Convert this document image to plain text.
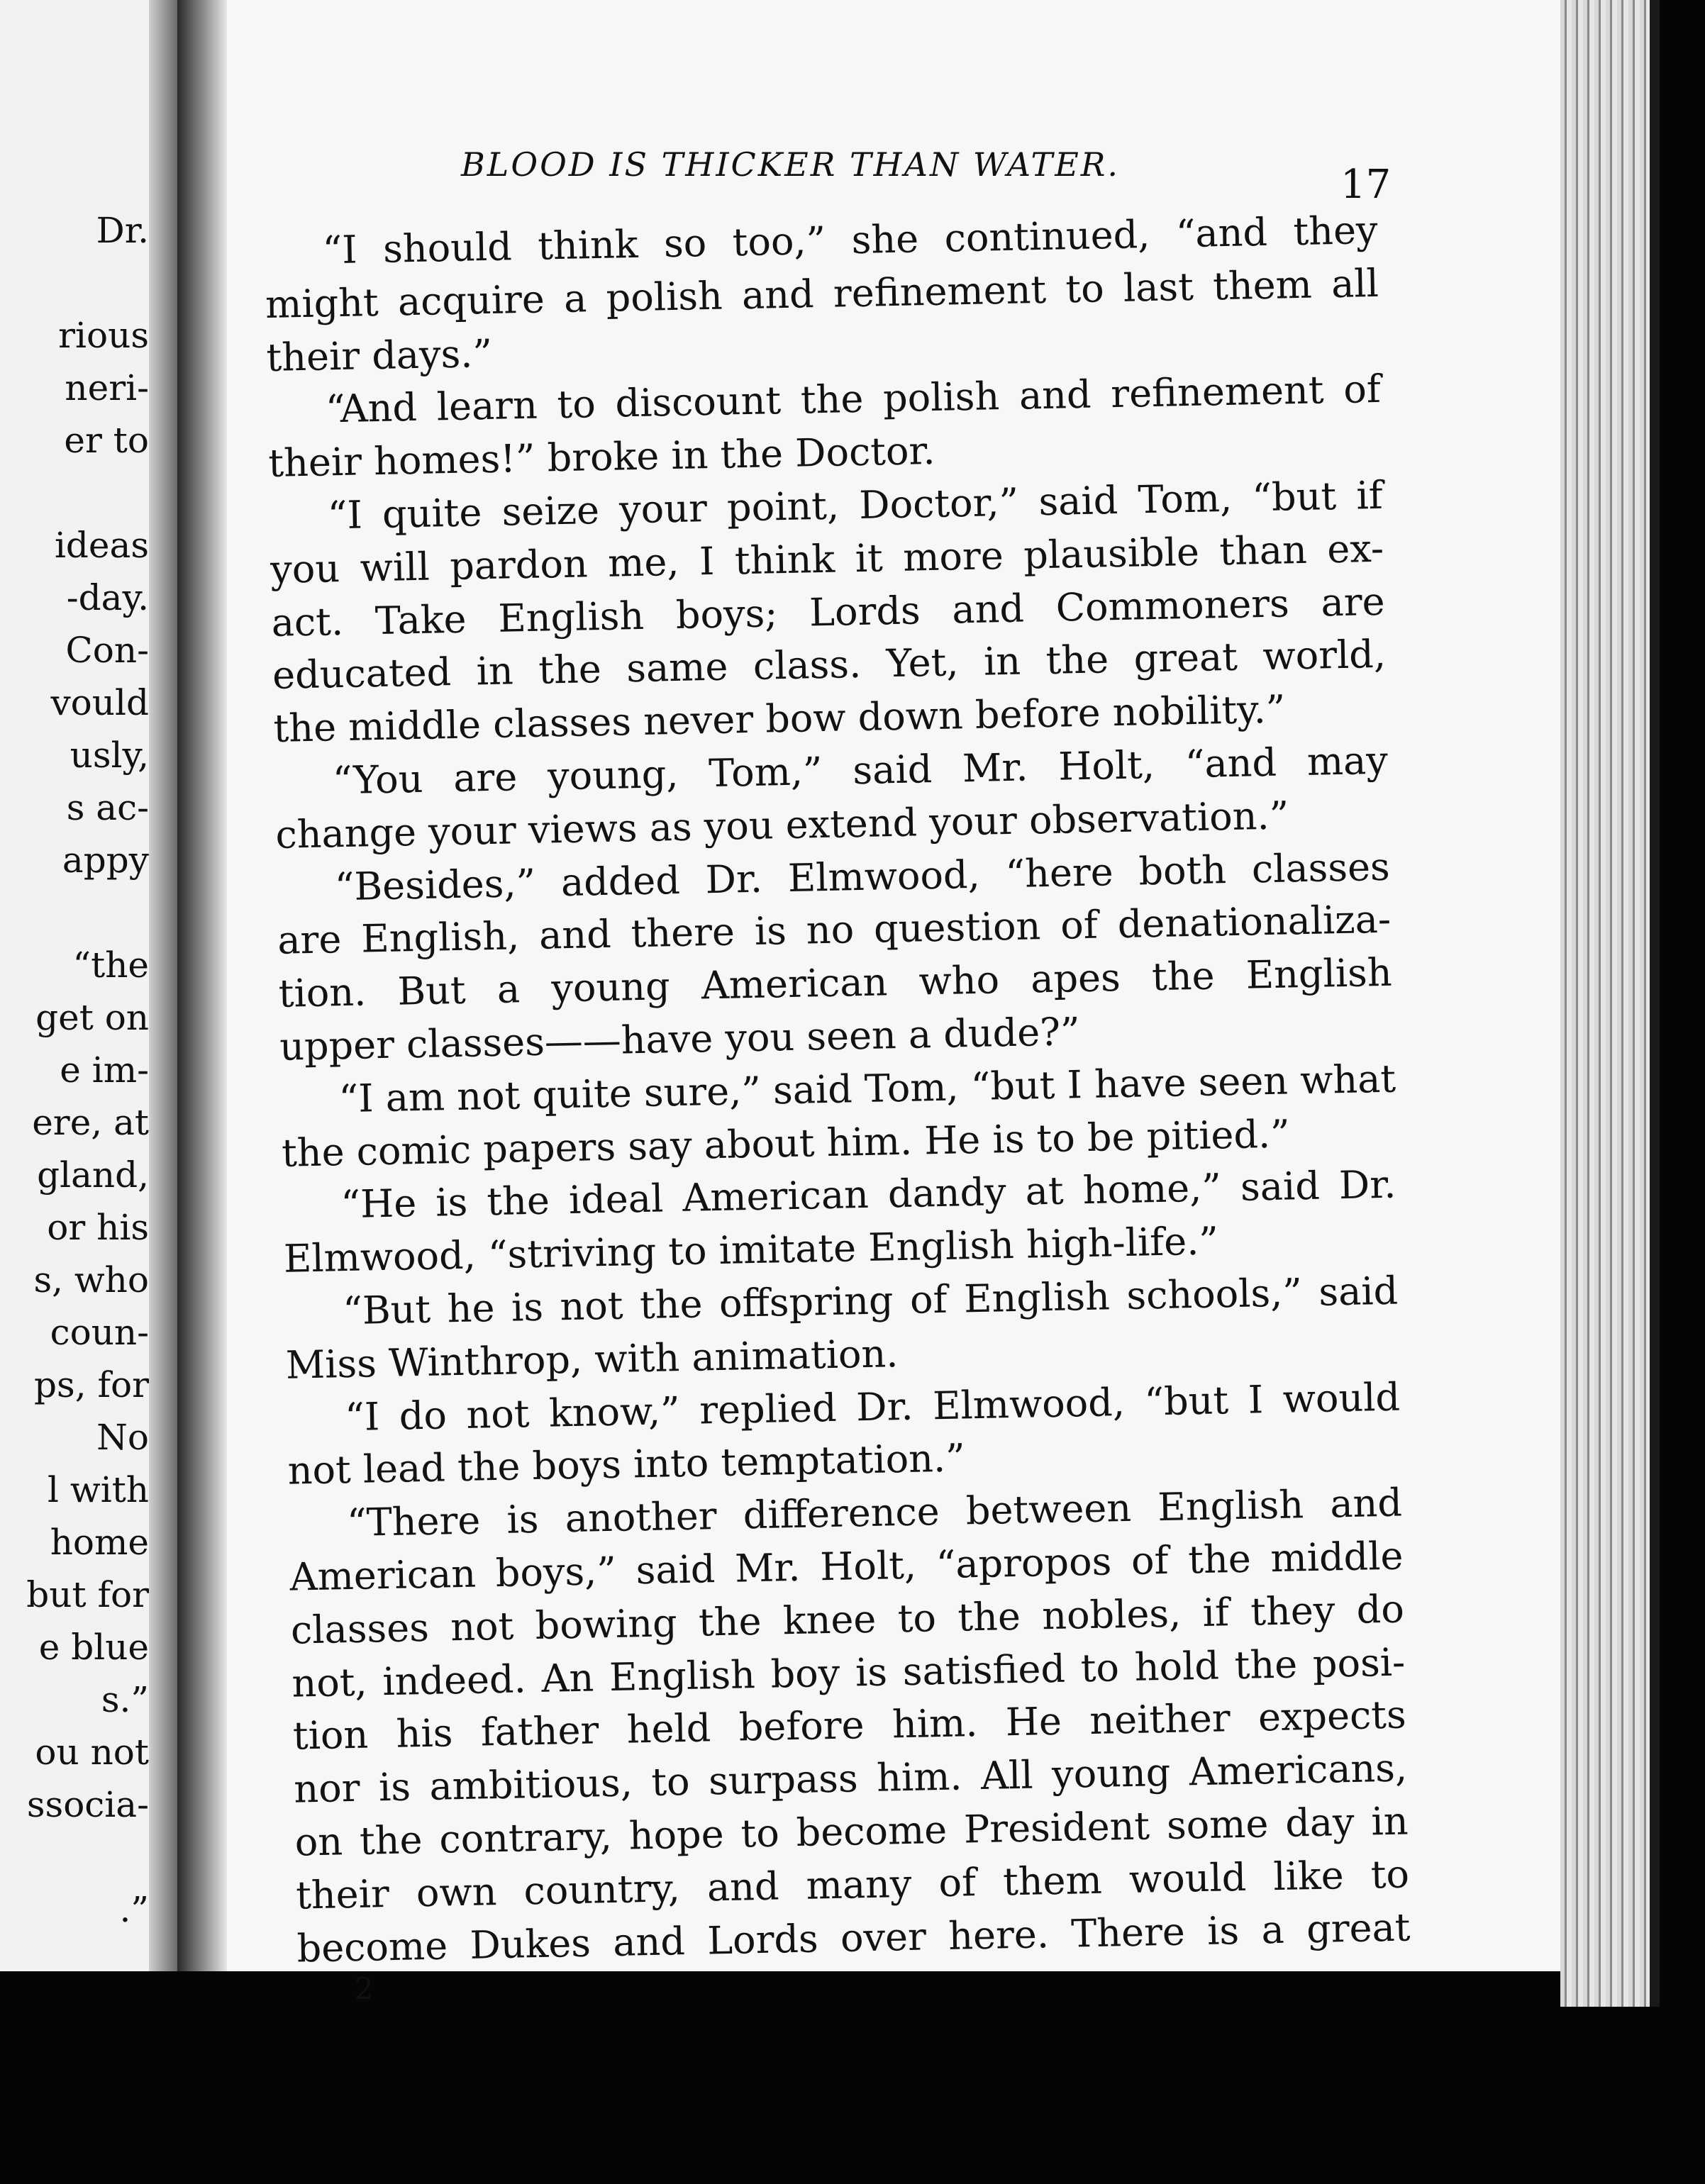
Dr.
rious
neri-
er to
ideas
-day.
Con-
vould
usly,
s ac-
appy
“the
get on
e im-
ere, at
gland,
or his
s, who
coun-
ps, for
No
l with
home
but for
e blue
s.”
ou not
ssocia-
.”
BLOOD IS THICKER THAN WATER.	17
“I should think so too,” she continued, “and they
might acquire a polish and refinement to last them all
their days.”
“And learn to discount the polish and refinement of
their homes!” broke in the Doctor.
“I quite seize your point, Doctor,” said Tom, “but if
you will pardon me, I think it more plausible than ex-
act. Take English boys; Lords and Commoners are
educated in the same class. Yet, in the great world,
the middle classes never bow down before nobility.”
“You are young, Tom,” said Mr. Holt, “and may
change your views as you extend your observation.”
“Besides,” added Dr. Elmwood, “here both classes
are English, and there is no question of denationaliza-
tion. But a young American who apes the English
upper classes——have you seen a dude?”
“I am not quite sure,” said Tom, “but I have seen what
the comic papers say about him. He is to be pitied.”
“He is the ideal American dandy at home,” said Dr.
Elmwood, “striving to imitate English high-life.”
“But he is not the offspring of English schools,” said
Miss Winthrop, with animation.
“I do not know,” replied Dr. Elmwood, “but I would
not lead the boys into temptation.”
“There is another difference between English and
American boys,” said Mr. Holt, “apropos of the middle
classes not bowing the knee to the nobles, if they do
not, indeed. An English boy is satisfied to hold the posi-
tion his father held before him. He neither expects
nor is ambitious, to surpass him. All young Americans,
on the contrary, hope to become President some day in
their own country, and many of them would like to
become Dukes and Lords over here. There is a great
2
